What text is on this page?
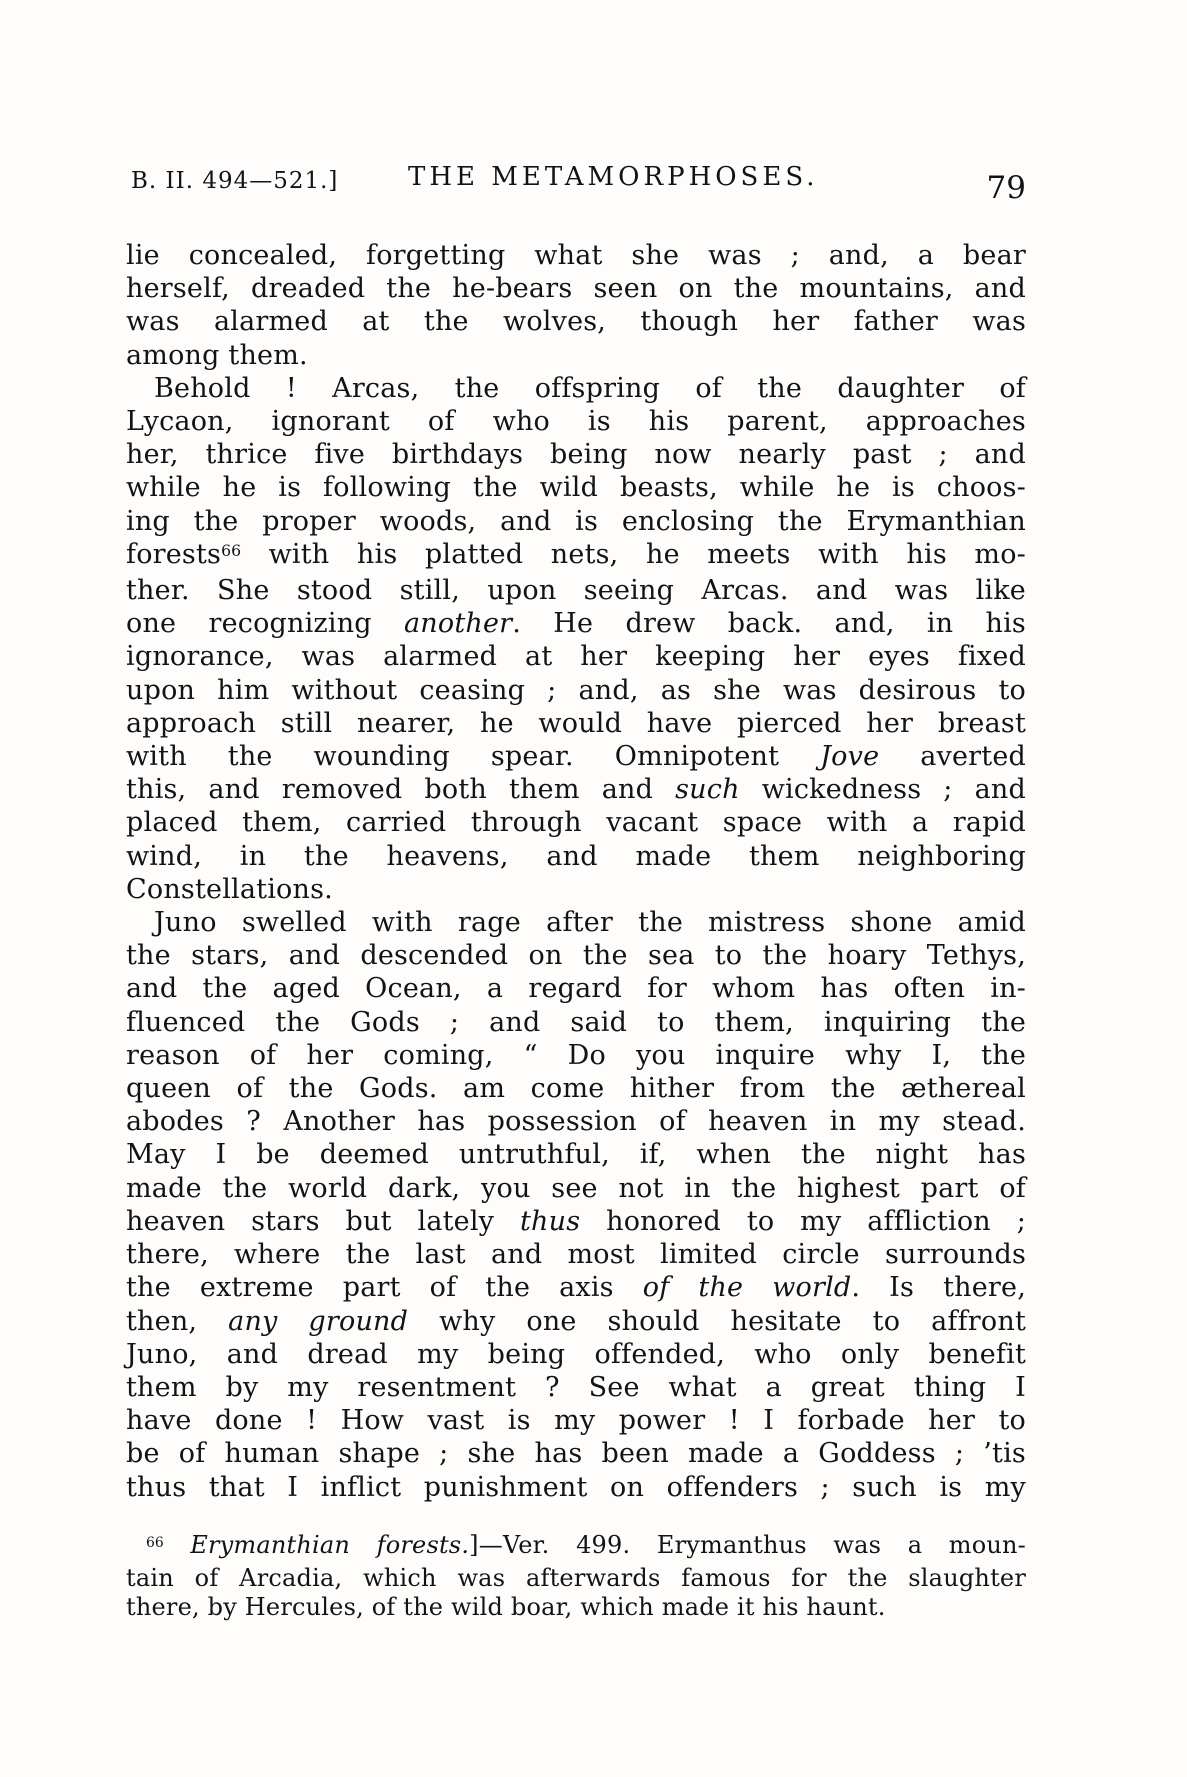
B. II. 494—521.]	THE METAMORPHOSES.	79
lie concealed, forgetting what she was ; and, a bear
herself, dreaded the he-bears seen on the mountains, and
was alarmed at the wolves, though her father was
among them.
Behold ! Arcas, the offspring of the daughter of
Lycaon, ignorant of who is his parent, approaches
her, thrice five birthdays being now nearly past ; and
while he is following the wild beasts, while he is choos-
ing the proper woods, and is enclosing the Erymanthian
forests$^{66}$ with his platted nets, he meets with his mo-
ther. She stood still, upon seeing Arcas. and was like
one recognizing another. He drew back. and, in his
ignorance, was alarmed at her keeping her eyes fixed
upon him without ceasing ; and, as she was desirous to
approach still nearer, he would have pierced her breast
with the wounding spear. Omnipotent Jove averted
this, and removed both them and such wickedness ; and
placed them, carried through vacant space with a rapid
wind, in the heavens, and made them neighboring
Constellations.
Juno swelled with rage after the mistress shone amid
the stars, and descended on the sea to the hoary Tethys,
and the aged Ocean, a regard for whom has often in-
fluenced the Gods ; and said to them, inquiring the
reason of her coming, “ Do you inquire why I, the
queen of the Gods. am come hither from the æthereal
abodes ? Another has possession of heaven in my stead.
May I be deemed untruthful, if, when the night has
made the world dark, you see not in the highest part of
heaven stars but lately thus honored to my affliction ;
there, where the last and most limited circle surrounds
the extreme part of the axis of the world. Is there,
then, any ground why one should hesitate to affront
Juno, and dread my being offended, who only benefit
them by my resentment ? See what a great thing I
have done ! How vast is my power ! I forbade her to
be of human shape ; she has been made a Goddess ; ’tis
thus that I inflict punishment on offenders ; such is my
$^{66}$ Erymanthian forests.]—Ver. 499. Erymanthus was a moun-
tain of Arcadia, which was afterwards famous for the slaughter
there, by Hercules, of the wild boar, which made it his haunt.
